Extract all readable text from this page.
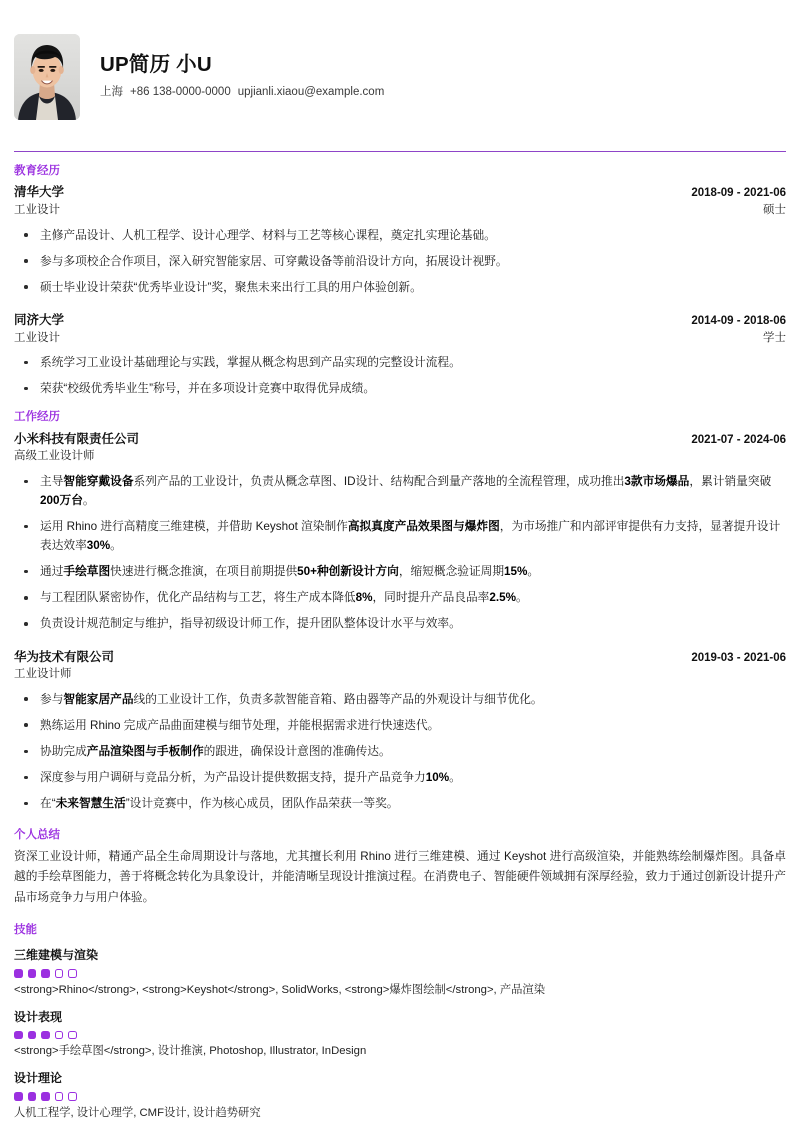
UP简历 小U
上海 +86 138-0000-0000 upjianli.xiaou@example.com
教育经历
清华大学	2018-09 - 2021-06
工业设计	硕士
主修产品设计、人机工程学、设计心理学、材料与工艺等核心课程，奠定扎实理论基础。
参与多项校企合作项目，深入研究智能家居、可穿戴设备等前沿设计方向，拓展设计视野。
硕士毕业设计荣获“优秀毕业设计”奖，聚焦未来出行工具的用户体验创新。
同济大学	2014-09 - 2018-06
工业设计	学士
系统学习工业设计基础理论与实践，掌握从概念构思到产品实现的完整设计流程。
荣获“校级优秀毕业生”称号，并在多项设计竞赛中取得优异成绩。
工作经历
小米科技有限责任公司	2021-07 - 2024-06
高级工业设计师
主导智能穿戴设备系列产品的工业设计，负责从概念草图、ID设计、结构配合到量产落地的全流程管理，成功推出3款市场爆品，累计销量突破200万台。
运用 Rhino 进行高精度三维建模，并借助 Keyshot 渲染制作高拟真度产品效果图与爆炸图，为市场推广和内部评审提供有力支持，显著提升设计表达效率30%。
通过手绘草图快速进行概念推演，在项目前期提供50+种创新设计方向，缩短概念验证周期15%。
与工程团队紧密协作，优化产品结构与工艺，将生产成本降低8%，同时提升产品良品率2.5%。
负责设计规范制定与维护，指导初级设计师工作，提升团队整体设计水平与效率。
华为技术有限公司	2019-03 - 2021-06
工业设计师
参与智能家居产品线的工业设计工作，负责多款智能音箱、路由器等产品的外观设计与细节优化。
熟练运用 Rhino 完成产品曲面建模与细节处理，并能根据需求进行快速迭代。
协助完成产品渲染图与手板制作的跟进，确保设计意图的准确传达。
深度参与用户调研与竞品分析，为产品设计提供数据支持，提升产品竞争力10%。
在“未来智慧生活”设计竞赛中，作为核心成员，团队作品荣获一等奖。
个人总结

资深工业设计师，精通产品全生命周期设计与落地，尤其擅长利用 Rhino 进行三维建模、通过 Keyshot 进行高级渲染，并能熟练绘制爆炸图。具备卓越的手绘草图能力，善于将概念转化为具象设计，并能清晰呈现设计推演过程。在消费电子、智能硬件领域拥有深厚经验，致力于通过创新设计提升产品市场竞争力与用户体验。

技能
三维建模与渲染
<strong>Rhino</strong>, <strong>Keyshot</strong>, SolidWorks, <strong>爆炸图绘制</strong>, 产品渲染
设计表现
<strong>手绘草图</strong>, 设计推演, Photoshop, Illustrator, InDesign
设计理论
人机工程学, 设计心理学, CMF设计, 设计趋势研究
